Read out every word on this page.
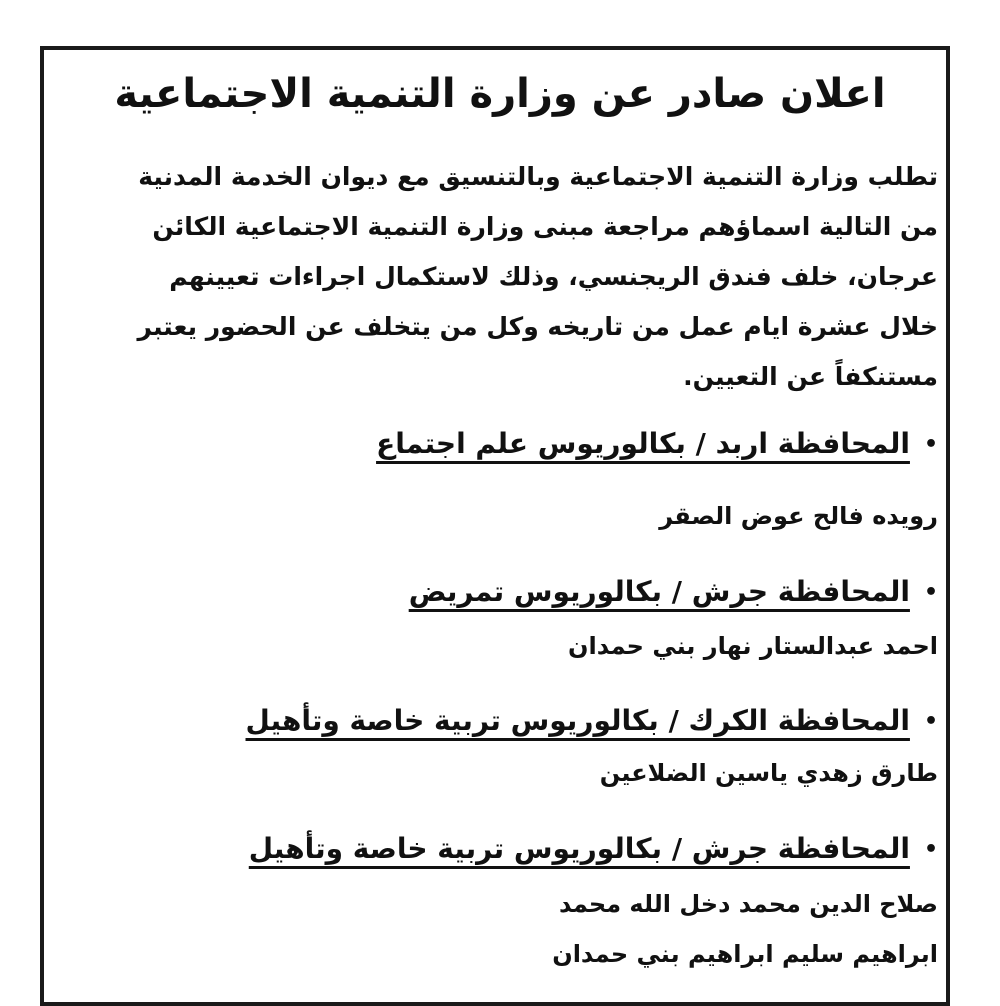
اعلان صادر عن وزارة التنمية الاجتماعية
تطلب وزارة التنمية الاجتماعية وبالتنسيق مع ديوان الخدمة المدنية
من التالية اسماؤهم مراجعة مبنى وزارة التنمية الاجتماعية الكائن
عرجان، خلف فندق الريجنسي، وذلك لاستكمال اجراءات تعيينهم
خلال عشرة ايام عمل من تاريخه وكل من يتخلف عن الحضور يعتبر
مستنكفاً عن التعيين.
•المحافظة اربد / بكالوريوس علم اجتماع
رويده فالح عوض الصقر
•المحافظة جرش / بكالوريوس تمريض
احمد عبدالستار نهار بني حمدان
•المحافظة الكرك / بكالوريوس تربية خاصة وتأهيل
طارق زهدي ياسين الضلاعين
•المحافظة جرش / بكالوريوس تربية خاصة وتأهيل
صلاح الدين محمد دخل الله محمد
ابراهيم سليم ابراهيم بني حمدان
